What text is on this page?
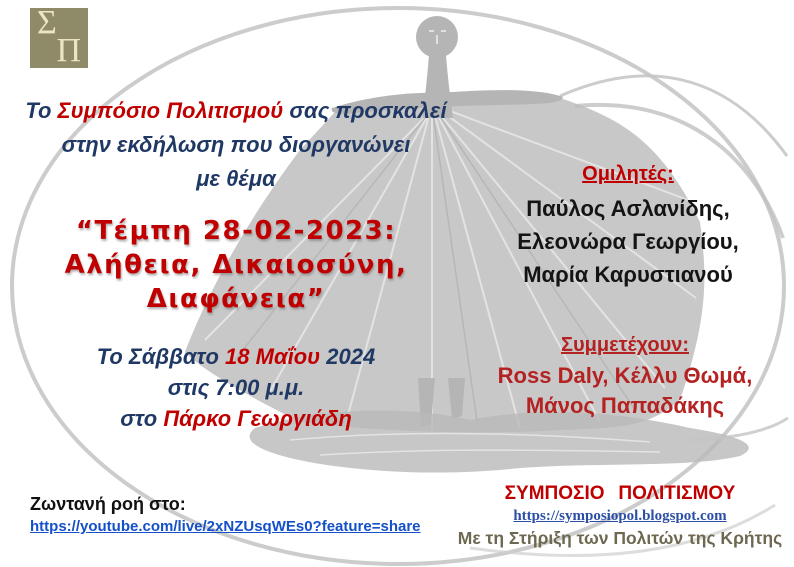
Σ
Π
Το Συμπόσιο Πολιτισμού σας προσκαλεί
στην εκδήλωση που διοργανώνει
με θέμα
“Τέμπη 28-02-2023:
Αλήθεια, Δικαιοσύνη,
Διαφάνεια”
Το Σάββατο 18 Μαΐου 2024
στις 7:00 μ.μ.
στο Πάρκο Γεωργιάδη
Ομιλητές:
Παύλος Ασλανίδης,
Ελεονώρα Γεωργίου,
Μαρία Καρυστιανού
Συμμετέχουν:
Ross Daly, Κέλλυ Θωμά,
Μάνος Παπαδάκης
Ζωντανή ροή στο:
https://youtube.com/live/2xNZUsqWEs0?feature=share
ΣΥΜΠΟΣΙΟ ΠΟΛΙΤΙΣΜΟΥ
https://symposiopol.blogspot.com
Με τη Στήριξη των Πολιτών της Κρήτης
